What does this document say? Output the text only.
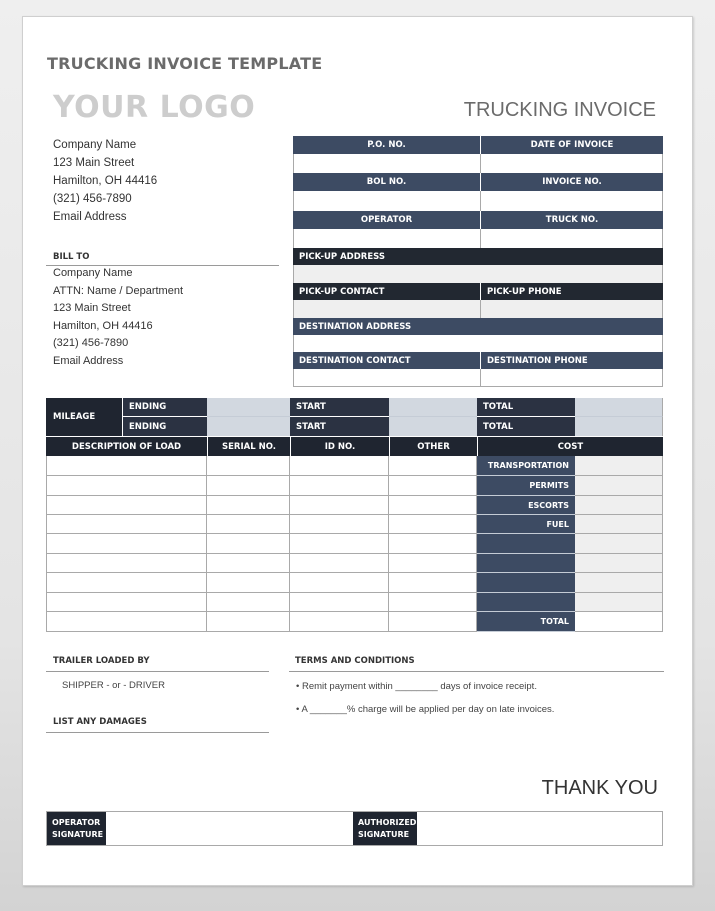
TRUCKING INVOICE TEMPLATE
YOUR LOGO	TRUCKING INVOICE
Company Name
123 Main Street
Hamilton, OH 44416
(321) 456-7890
Email Address
BILL TO
Company Name
ATTN: Name / Department
123 Main Street
Hamilton, OH 44416
(321) 456-7890
Email Address
P.O. NO.	DATE OF INVOICE
BOL NO.	INVOICE NO.
OPERATOR	TRUCK NO.
PICK-UP ADDRESS
PICK-UP CONTACT	PICK-UP PHONE
DESTINATION ADDRESS
DESTINATION CONTACT	DESTINATION PHONE
MILEAGE
ENDING	START	TOTAL
ENDING	START	TOTAL
DESCRIPTION OF LOAD	SERIAL NO.	ID NO.	OTHER	COST
TRANSPORTATION
PERMITS
ESCORTS
FUEL
TOTAL
TRAILER LOADED BY
SHIPPER - or - DRIVER
LIST ANY DAMAGES
TERMS AND CONDITIONS
• Remit payment within ________ days of invoice receipt.
• A _______% charge will be applied per day on late invoices.
THANK YOU
OPERATOR
SIGNATURE
AUTHORIZED
SIGNATURE
